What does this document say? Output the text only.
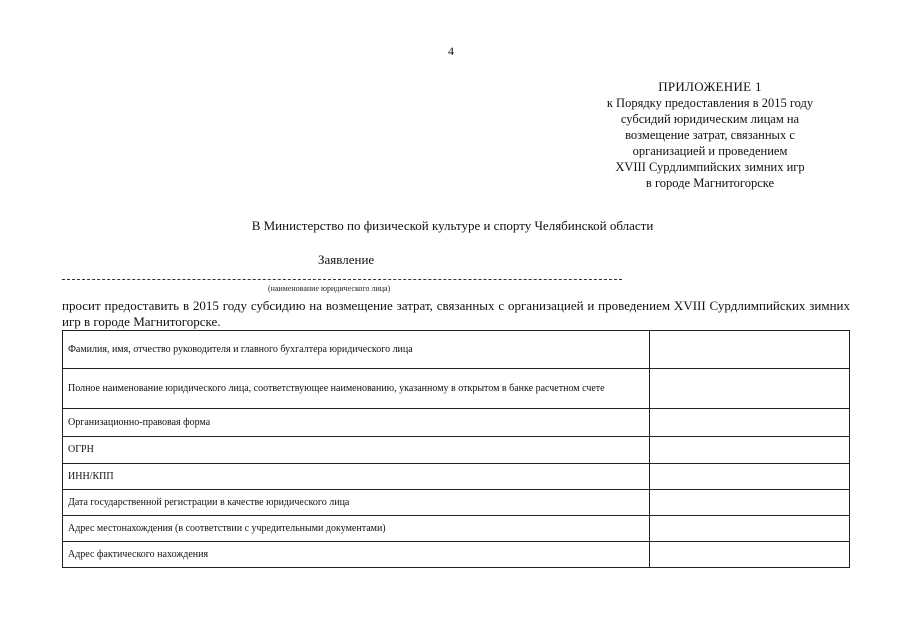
4
ПРИЛОЖЕНИЕ 1
к Порядку предоставления в 2015 году
субсидий юридическим лицам на
возмещение затрат, связанных с
организацией и проведением
XVIII Сурдлимпийских зимних игр
в городе Магнитогорске
В Министерство по физической культуре и спорту Челябинской области
Заявление
(наименование юридического лица)
просит предоставить в 2015 году субсидию на возмещение затрат, связанных с организацией и проведением XVIII Сурдлимпийских зимних игр в городе Магнитогорске.
Фамилия, имя, отчество руководителя и главного бухгалтера юридического лица	
Полное наименование юридического лица, соответствующее наименованию, указанному в открытом в банке расчетном счете	
Организационно-правовая форма	
ОГРН	
ИНН/КПП	
Дата государственной регистрации в качестве юридического лица	
Адрес местонахождения (в соответствии с учредительными документами)	
Адрес фактического нахождения	
